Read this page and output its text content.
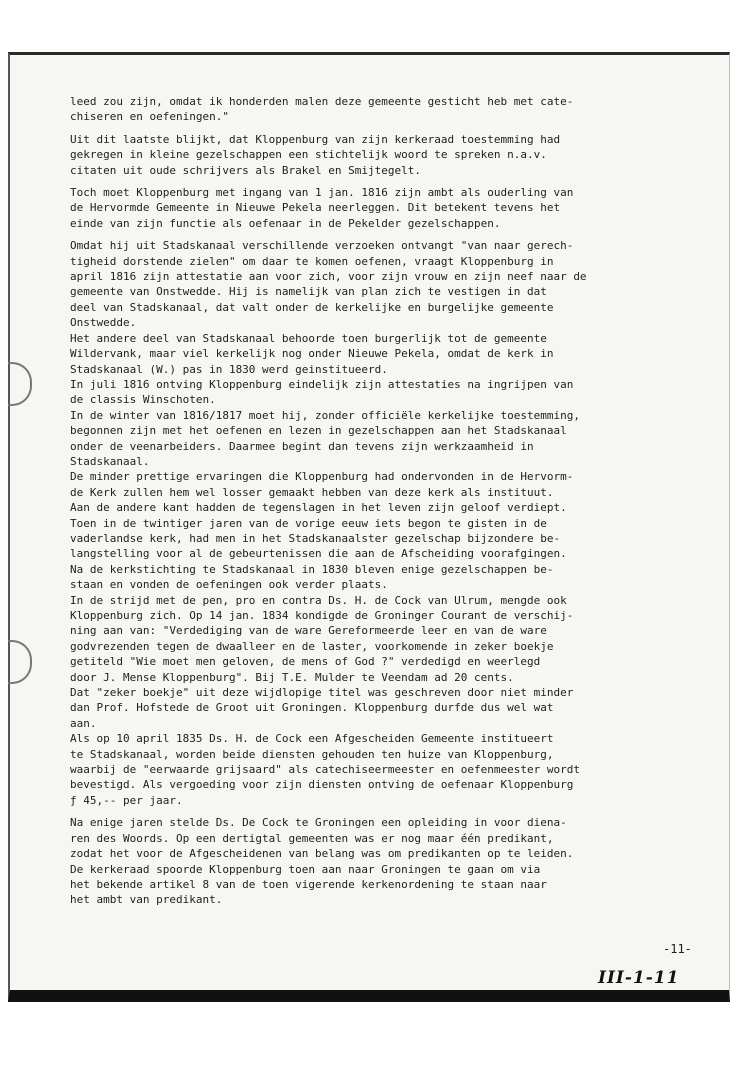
leed zou zijn, omdat ik honderden malen deze gemeente gesticht heb met cate-
chiseren en oefeningen."

Uit dit laatste blijkt, dat Kloppenburg van zijn kerkeraad toestemming had
gekregen in kleine gezelschappen een stichtelijk woord te spreken n.a.v.
citaten uit oude schrijvers als Brakel en Smijtegelt.

Toch moet Kloppenburg met ingang van 1 jan. 1816 zijn ambt als ouderling van
de Hervormde Gemeente in Nieuwe Pekela neerleggen. Dit betekent tevens het
einde van zijn functie als oefenaar in de Pekelder gezelschappen.

Omdat hij uit Stadskanaal verschillende verzoeken ontvangt "van naar gerech-
tigheid dorstende zielen" om daar te komen oefenen, vraagt Kloppenburg in
april 1816 zijn attestatie aan voor zich, voor zijn vrouw en zijn neef naar de
gemeente van Onstwedde. Hij is namelijk van plan zich te vestigen in dat
deel van Stadskanaal, dat valt onder de kerkelijke en burgelijke gemeente
Onstwedde.
Het andere deel van Stadskanaal behoorde toen burgerlijk tot de gemeente
Wildervank, maar viel kerkelijk nog onder Nieuwe Pekela, omdat de kerk in
Stadskanaal (W.) pas in 1830 werd geinstitueerd.
In juli 1816 ontving Kloppenburg eindelijk zijn attestaties na ingrijpen van
de classis Winschoten.
In de winter van 1816/1817 moet hij, zonder officiële kerkelijke toestemming,
begonnen zijn met het oefenen en lezen in gezelschappen aan het Stadskanaal
onder de veenarbeiders. Daarmee begint dan tevens zijn werkzaamheid in
Stadskanaal.
De minder prettige ervaringen die Kloppenburg had ondervonden in de Hervorm-
de Kerk zullen hem wel losser gemaakt hebben van deze kerk als instituut.
Aan de andere kant hadden de tegenslagen in het leven zijn geloof verdiept.
Toen in de twintiger jaren van de vorige eeuw iets begon te gisten in de
vaderlandse kerk, had men in het Stadskanaalster gezelschap bijzondere be-
langstelling voor al de gebeurtenissen die aan de Afscheiding voorafgingen.
Na de kerkstichting te Stadskanaal in 1830 bleven enige gezelschappen be-
staan en vonden de oefeningen ook verder plaats.
In de strijd met de pen, pro en contra Ds. H. de Cock van Ulrum, mengde ook
Kloppenburg zich. Op 14 jan. 1834 kondigde de Groninger Courant de verschij-
ning aan van: "Verdediging van de ware Gereformeerde leer en van de ware
godvrezenden tegen de dwaalleer en de laster, voorkomende in zeker boekje
getiteld "Wie moet men geloven, de mens of God ?" verdedigd en weerlegd
door J. Mense Kloppenburg". Bij T.E. Mulder te Veendam ad 20 cents.
Dat "zeker boekje" uit deze wijdlopige titel was geschreven door niet minder
dan Prof. Hofstede de Groot uit Groningen. Kloppenburg durfde dus wel wat
aan.
Als op 10 april 1835 Ds. H. de Cock een Afgescheiden Gemeente institueert
te Stadskanaal, worden beide diensten gehouden ten huize van Kloppenburg,
waarbij de "eerwaarde grijsaard" als catechiseermeester en oefenmeester wordt
bevestigd. Als vergoeding voor zijn diensten ontving de oefenaar Kloppenburg
ƒ 45,-- per jaar.

Na enige jaren stelde Ds. De Cock te Groningen een opleiding in voor diena-
ren des Woords. Op een dertigtal gemeenten was er nog maar één predikant,
zodat het voor de Afgescheidenen van belang was om predikanten op te leiden.
De kerkeraad spoorde Kloppenburg toen aan naar Groningen te gaan om via
het bekende artikel 8 van de toen vigerende kerkenordening te staan naar
het ambt van predikant.

-11-
III-1-11
